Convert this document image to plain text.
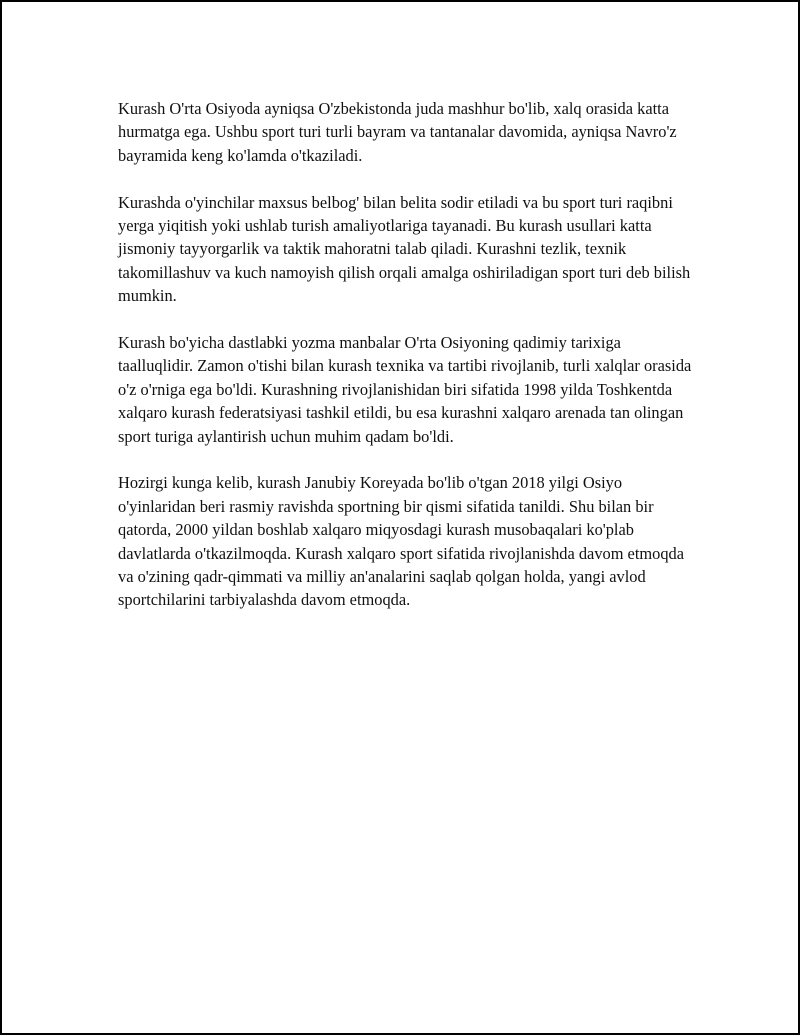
Kurash O'rta Osiyoda ayniqsa O'zbekistonda juda mashhur bo'lib, xalq orasida katta hurmatga ega. Ushbu sport turi turli bayram va tantanalar davomida, ayniqsa Navro'z bayramida keng ko'lamda o'tkaziladi.

Kurashda o'yinchilar maxsus belbog' bilan belita sodir etiladi va bu sport turi raqibni yerga yiqitish yoki ushlab turish amaliyotlariga tayanadi. Bu kurash usullari katta jismoniy tayyorgarlik va taktik mahoratni talab qiladi. Kurashni tezlik, texnik takomillashuv va kuch namoyish qilish orqali amalga oshiriladigan sport turi deb bilish mumkin.

Kurash bo'yicha dastlabki yozma manbalar O'rta Osiyoning qadimiy tarixiga taalluqlidir. Zamon o'tishi bilan kurash texnika va tartibi rivojlanib, turli xalqlar orasida o'z o'rniga ega bo'ldi. Kurashning rivojlanishidan biri sifatida 1998 yilda Toshkentda xalqaro kurash federatsiyasi tashkil etildi, bu esa kurashni xalqaro arenada tan olingan sport turiga aylantirish uchun muhim qadam bo'ldi.

Hozirgi kunga kelib, kurash Janubiy Koreyada bo'lib o'tgan 2018 yilgi Osiyo o'yinlaridan beri rasmiy ravishda sportning bir qismi sifatida tanildi. Shu bilan bir qatorda, 2000 yildan boshlab xalqaro miqyosdagi kurash musobaqalari ko'plab davlatlarda o'tkazilmoqda. Kurash xalqaro sport sifatida rivojlanishda davom etmoqda va o'zining qadr-qimmati va milliy an'analarini saqlab qolgan holda, yangi avlod sportchilarini tarbiyalashda davom etmoqda.
